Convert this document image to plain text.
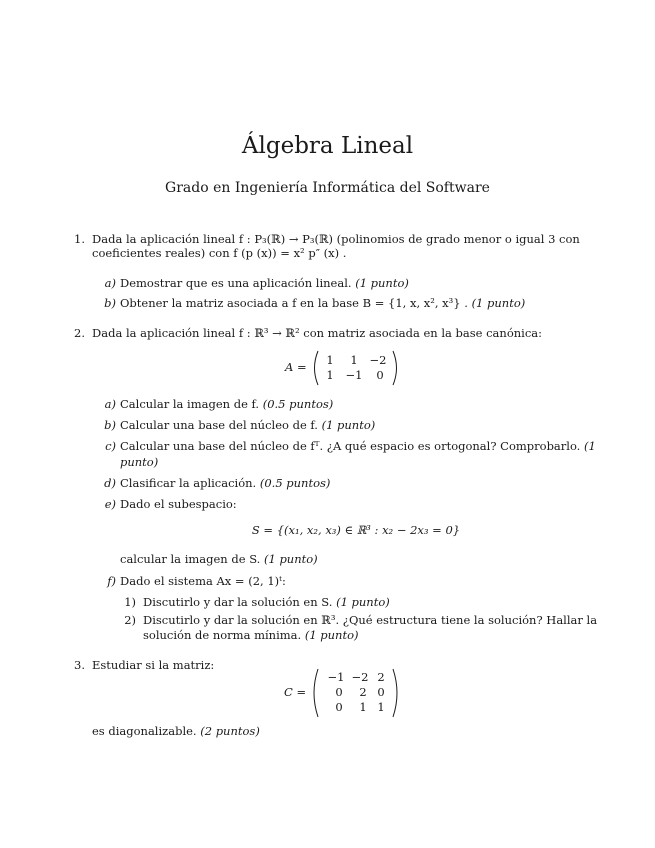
Álgebra Lineal
Grado en Ingeniería Informática del Software
1. Dada la aplicación lineal f : P₃(ℝ) → P₃(ℝ) (polinomios de grado menor o igual 3 con
coeficientes reales) con f (p (x)) = x² p″ (x) .
a) Demostrar que es una aplicación lineal. (1 punto)
b) Obtener la matriz asociada a f en la base B = {1, x, x², x³} . (1 punto)
2. Dada la aplicación lineal f : ℝ³ → ℝ² con matriz asociada en la base canónica:
A = 1 1 −2
1 −1 0
a) Calcular la imagen de f. (0.5 puntos)
b) Calcular una base del núcleo de f. (1 punto)
c) Calcular una base del núcleo de fᵀ. ¿A qué espacio es ortogonal? Comprobarlo. (1
punto)
d) Clasificar la aplicación. (0.5 puntos)
e) Dado el subespacio:
S = {(x₁, x₂, x₃) ∈ ℝ³ : x₂ − 2x₃ = 0}
calcular la imagen de S. (1 punto)
f) Dado el sistema Ax = (2, 1)ᵗ:
1) Discutirlo y dar la solución en S. (1 punto)
2) Discutirlo y dar la solución en ℝ³. ¿Qué estructura tiene la solución? Hallar la
solución de norma mínima. (1 punto)
3. Estudiar si la matriz:
C =
−1 −2 2
0 2 0
0 1 1
es diagonalizable. (2 puntos)
